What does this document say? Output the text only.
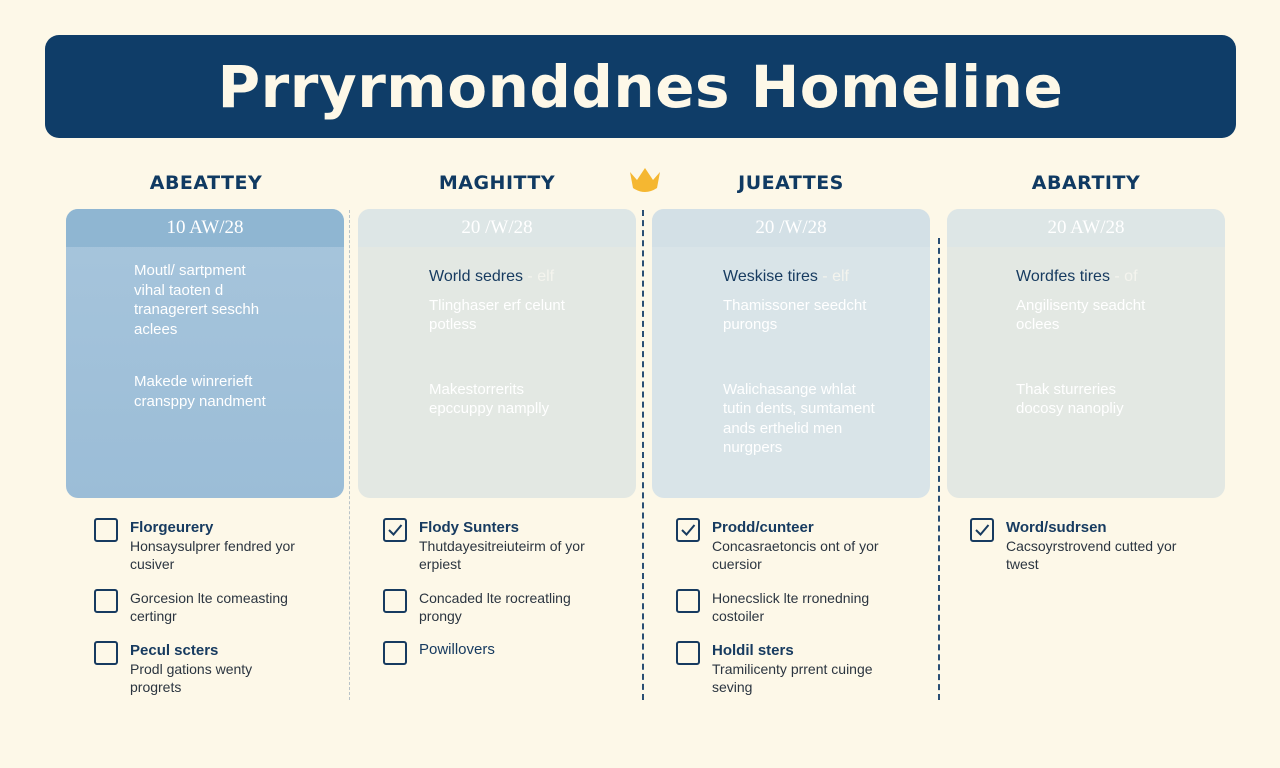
Prryrmonddnes Homeline
ABEATTEY	MAGHITTY	JUEATTES	ABARTITY
10 AW/28

Moutl/ sartpment
vihal taoten d
tranagerert seschh
aclees

Makede winrerieft
cransppy nandment

20 /W/28

World sedres - elf
Tlinghaser erf celunt
potless

Makestorrerits
epccuppy namplly

20 /W/28

Weskise tires - elf
Thamissoner seedcht
purongs

Walichasange whlat
tutin dents, sumtament
ands erthelid men
nurgpers

20 AW/28

Wordfes tires - of
Angilisenty seadcht
oclees

Thak sturreries
docosy nanopliy

Florgeurery
Honsaysulprer fendred yor
cusiver
Gorcesion lte comeasting
certingr
Pecul scters
Prodl gations wenty
progrets
Flody Sunters
Thutdayesitreiuteirm of yor
erpiest
Concaded lte rocreatling
prongy
Powillovers
Prodd/cunteer
Concasraetoncis ont of yor
cuersior
Honecslick lte rronedning
costoiler
Holdil sters
Tramilicenty prrent cuinge
seving
Word/sudrsen
Cacsoyrstrovend cutted yor
twest
